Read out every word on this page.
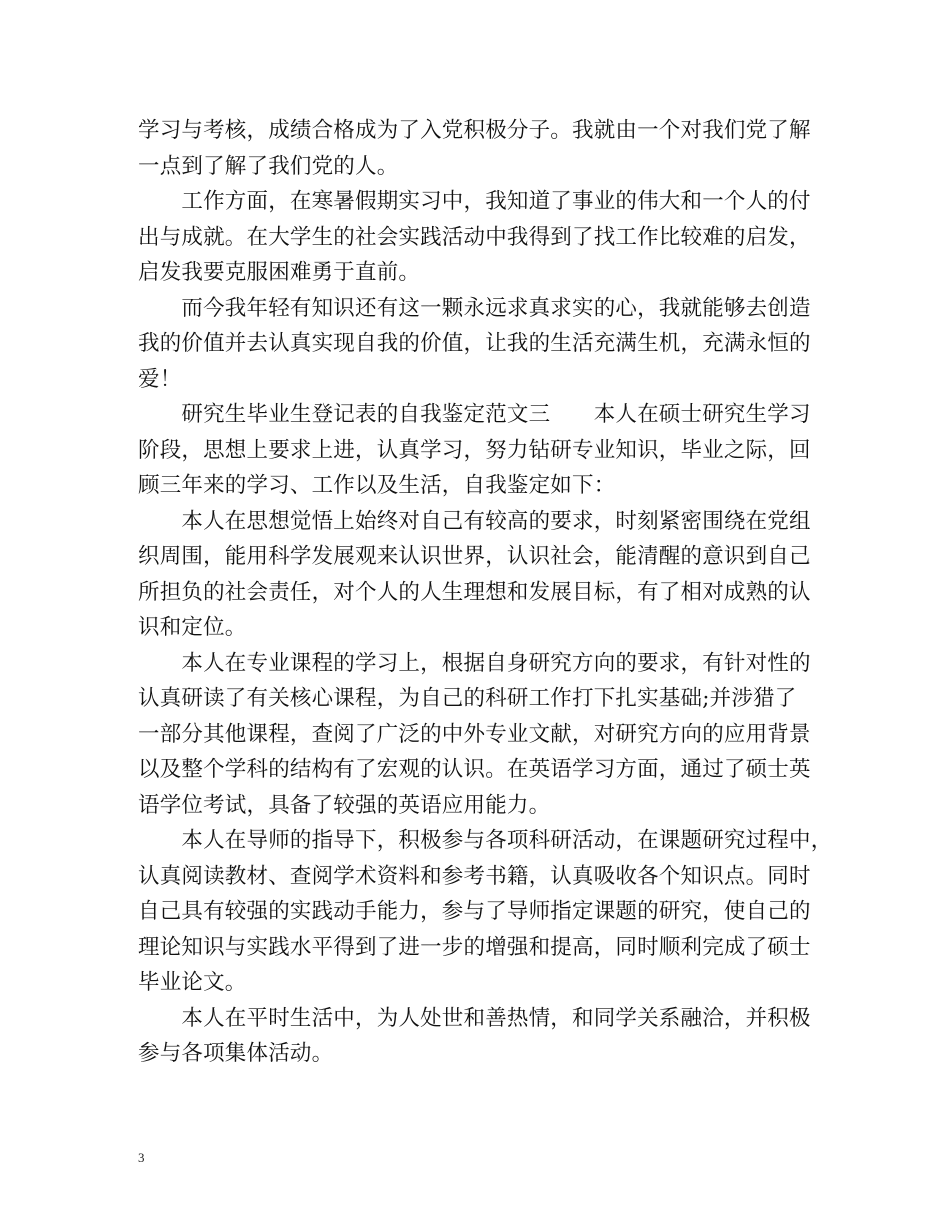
学习与考核，成绩合格成为了入党积极分子。我就由一个对我们党了解
一点到了解了我们党的人。
　　工作方面，在寒暑假期实习中，我知道了事业的伟大和一个人的付
出与成就。在大学生的社会实践活动中我得到了找工作比较难的启发，
启发我要克服困难勇于直前。
　　而今我年轻有知识还有这一颗永远求真求实的心，我就能够去创造
我的价值并去认真实现自我的价值，让我的生活充满生机，充满永恒的
爱！
　　研究生毕业生登记表的自我鉴定范文三　　本人在硕士研究生学习
阶段，思想上要求上进，认真学习，努力钻研专业知识，毕业之际，回
顾三年来的学习、工作以及生活，自我鉴定如下：
　　本人在思想觉悟上始终对自己有较高的要求，时刻紧密围绕在党组
织周围，能用科学发展观来认识世界，认识社会，能清醒的意识到自己
所担负的社会责任，对个人的人生理想和发展目标，有了相对成熟的认
识和定位。
　　本人在专业课程的学习上，根据自身研究方向的要求，有针对性的
认真研读了有关核心课程，为自己的科研工作打下扎实基础;并涉猎了
一部分其他课程，查阅了广泛的中外专业文献，对研究方向的应用背景
以及整个学科的结构有了宏观的认识。在英语学习方面，通过了硕士英
语学位考试，具备了较强的英语应用能力。
　　本人在导师的指导下，积极参与各项科研活动，在课题研究过程中，
认真阅读教材、查阅学术资料和参考书籍，认真吸收各个知识点。同时
自己具有较强的实践动手能力，参与了导师指定课题的研究，使自己的
理论知识与实践水平得到了进一步的增强和提高，同时顺利完成了硕士
毕业论文。
　　本人在平时生活中，为人处世和善热情，和同学关系融洽，并积极
参与各项集体活动。
3
